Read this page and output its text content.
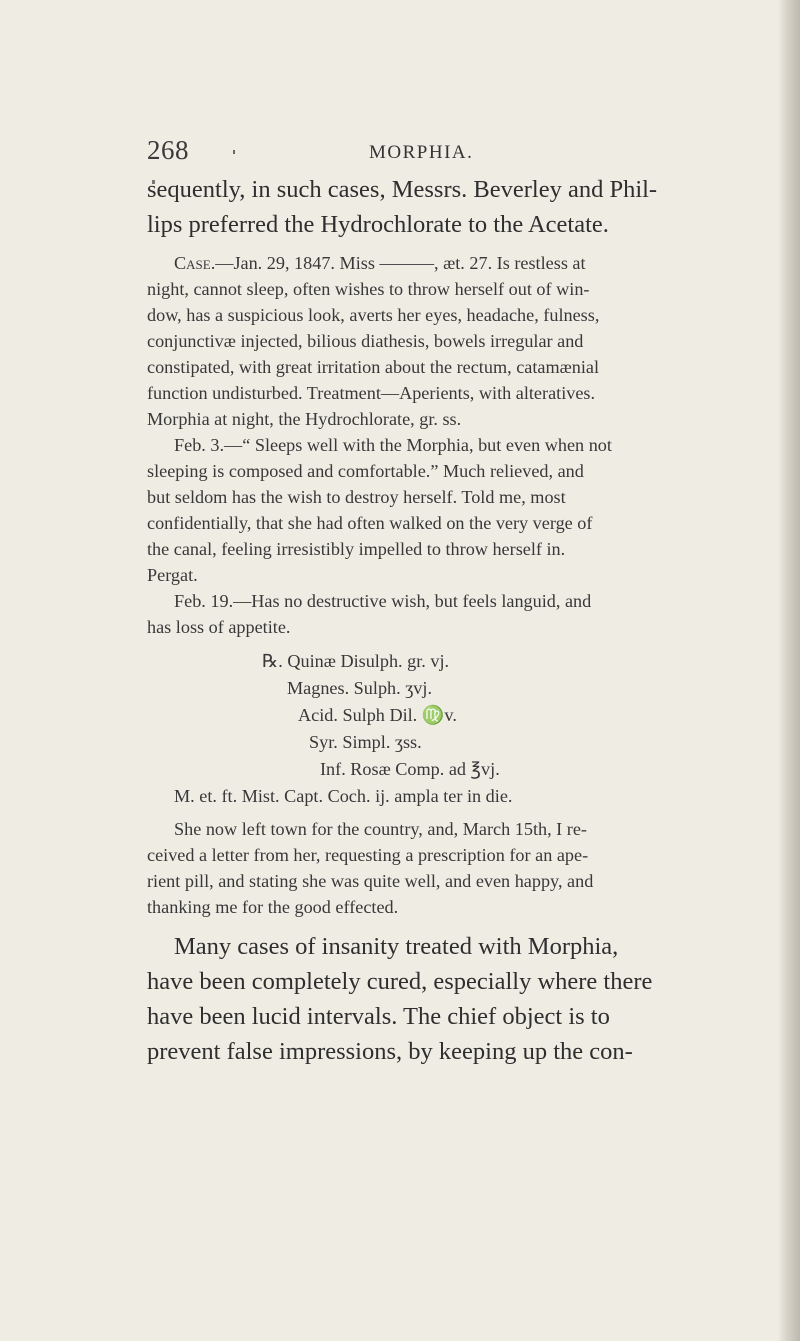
268	MORPHIA.

sequently, in such cases, Messrs. Beverley and Phil-
lips preferred the Hydrochlorate to the Acetate.

Case.—Jan. 29, 1847. Miss ———, æt. 27. Is restless at
night, cannot sleep, often wishes to throw herself out of win-
dow, has a suspicious look, averts her eyes, headache, fulness,
conjunctivæ injected, bilious diathesis, bowels irregular and
constipated, with great irritation about the rectum, catamænial
function undisturbed. Treatment—Aperients, with alteratives.
Morphia at night, the Hydrochlorate, gr. ss.

Feb. 3.—“ Sleeps well with the Morphia, but even when not
sleeping is composed and comfortable.” Much relieved, and
but seldom has the wish to destroy herself. Told me, most
confidentially, that she had often walked on the very verge of
the canal, feeling irresistibly impelled to throw herself in.
Pergat.

Feb. 19.—Has no destructive wish, but feels languid, and
has loss of appetite.

℞. Quinæ Disulph. gr. vj.
Magnes. Sulph. ʒvj.
Acid. Sulph Dil. ♍v.
Syr. Simpl. ʒss.
Inf. Rosæ Comp. ad ℥vj.
M. et. ft. Mist. Capt. Coch. ij. ampla ter in die.

She now left town for the country, and, March 15th, I re-
ceived a letter from her, requesting a prescription for an ape-
rient pill, and stating she was quite well, and even happy, and
thanking me for the good effected.

Many cases of insanity treated with Morphia,
have been completely cured, especially where there
have been lucid intervals. The chief object is to
prevent false impressions, by keeping up the con-
